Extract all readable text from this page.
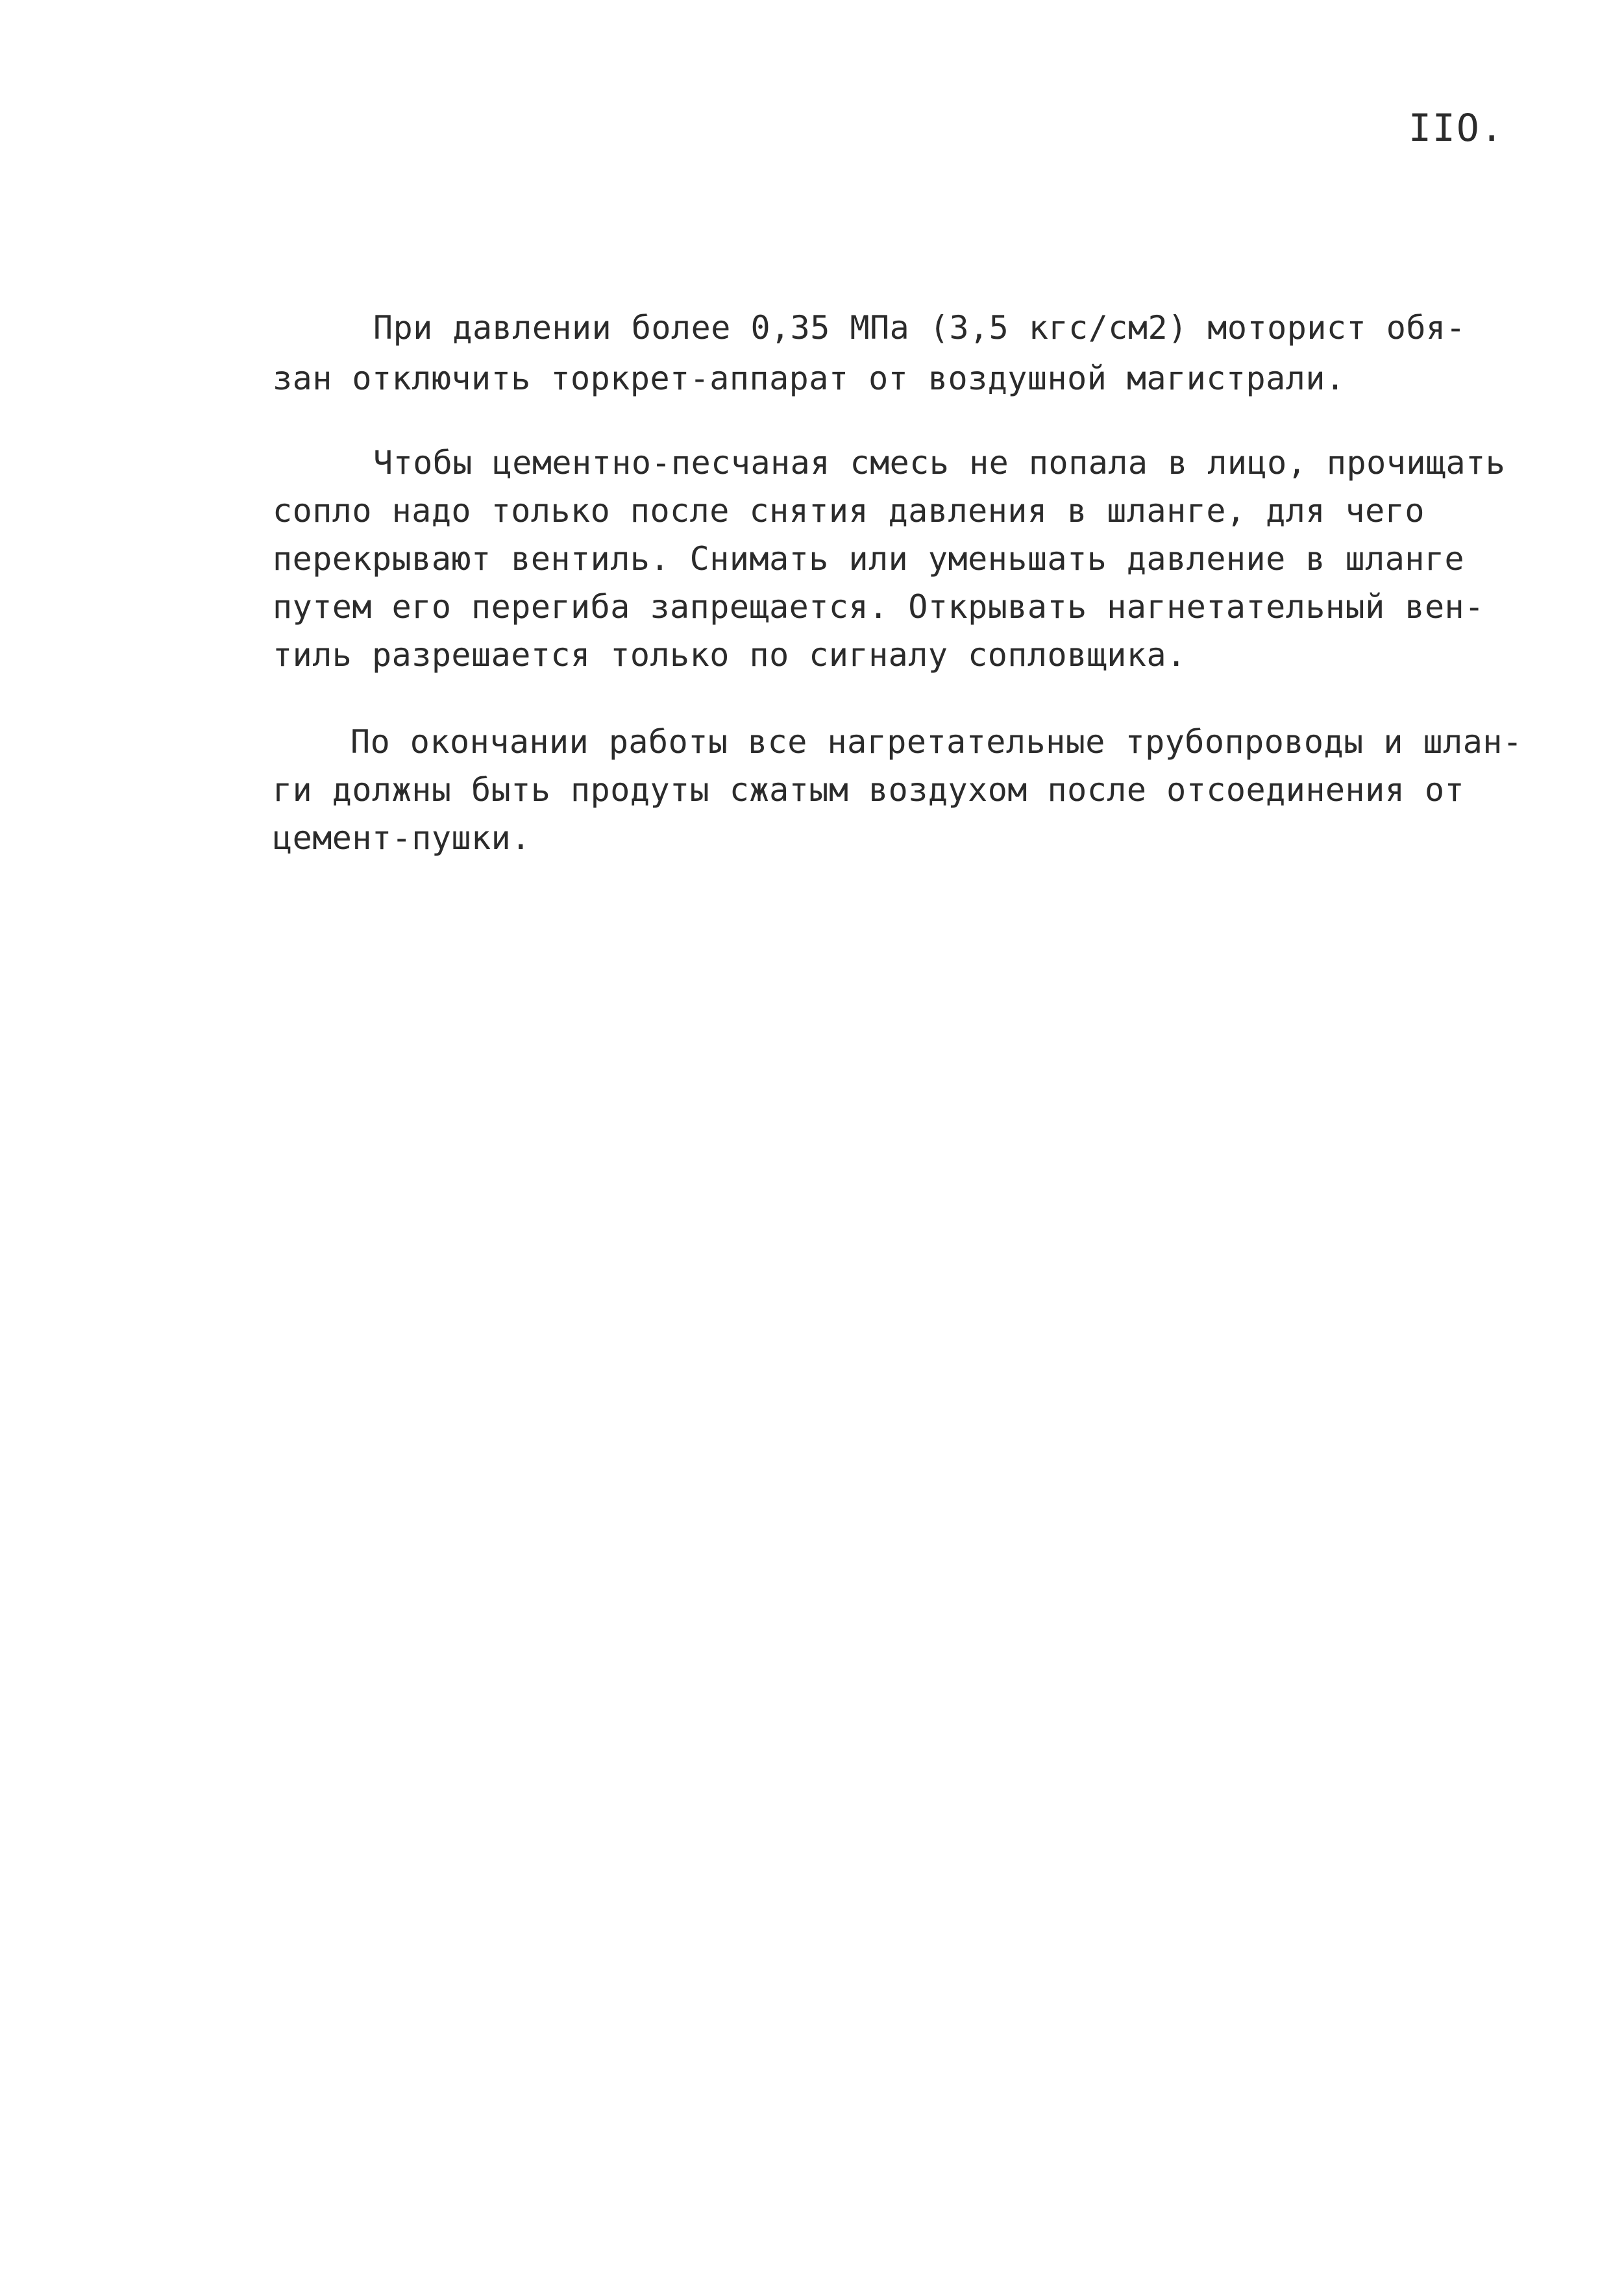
IIO.
При давлении более 0,35 МПа (3,5 кгс/см2) моторист обя-
зан отключить торкрет-аппарат от воздушной магистрали.
Чтобы цементно-песчаная смесь не попала в лицо, прочищать
сопло надо только после снятия давления в шланге, для чего
перекрывают вентиль. Снимать или уменьшать давление в шланге
путем его перегиба запрещается. Открывать нагнетательный вен-
тиль разрешается только по сигналу сопловщика.
По окончании работы все нагретательные трубопроводы и шлан-
ги должны быть продуты сжатым воздухом после отсоединения от
цемент-пушки.
